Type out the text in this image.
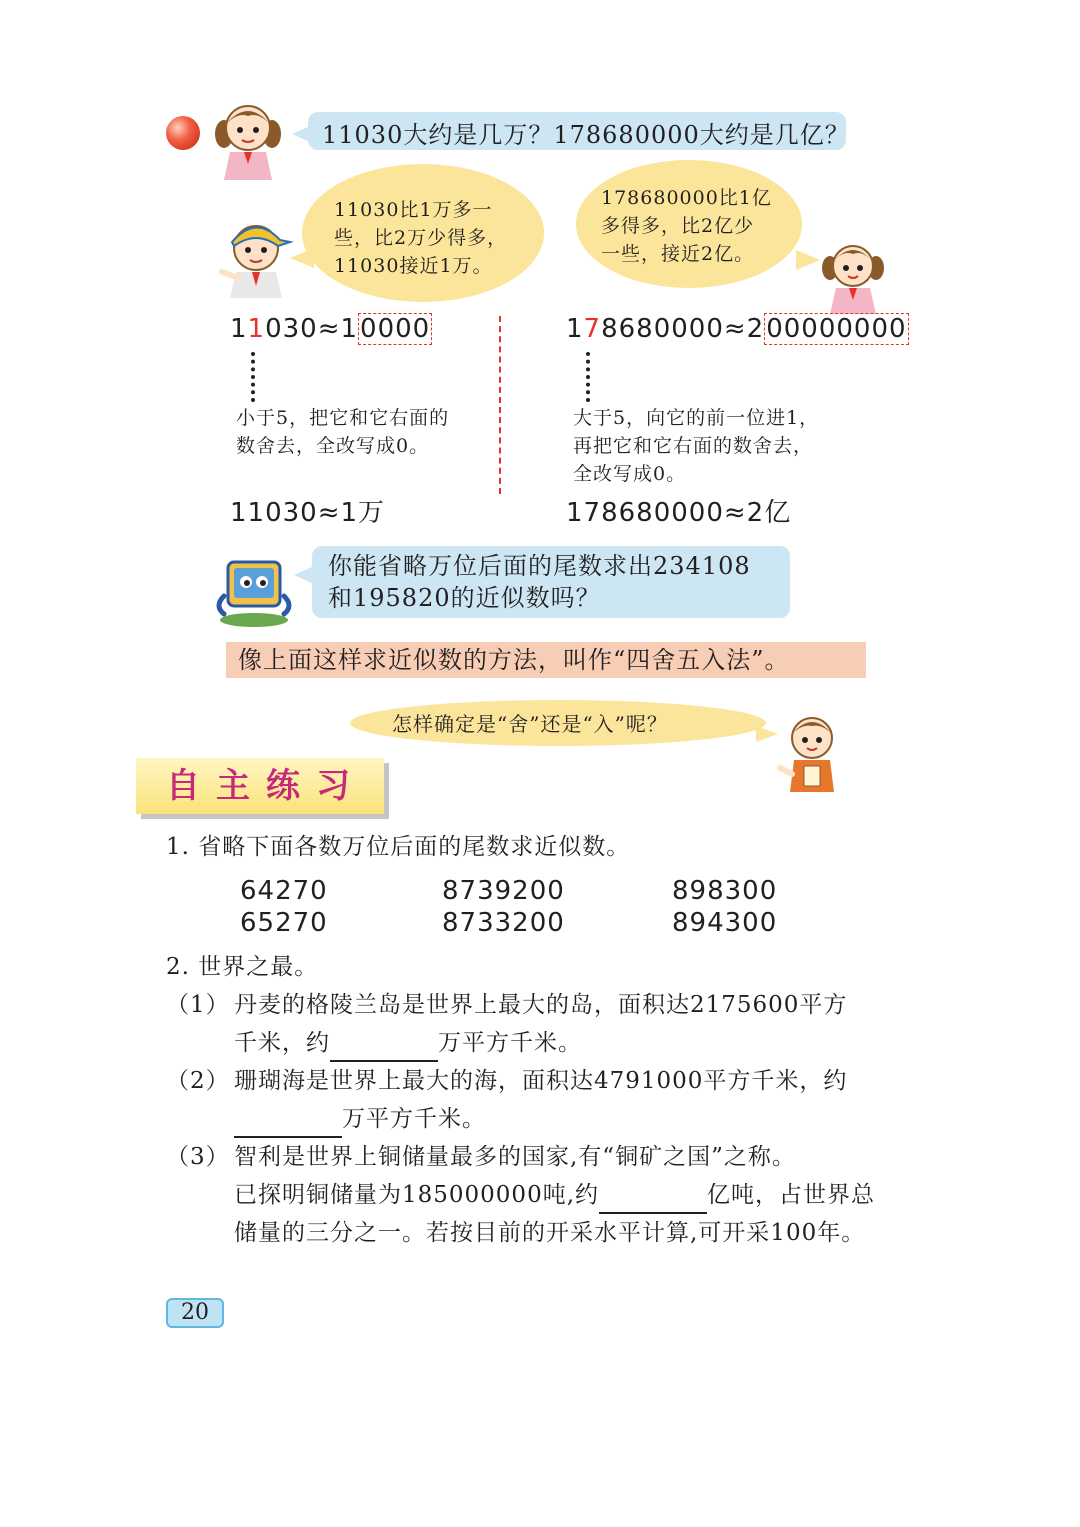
11030大约是几万？178680000大约是几亿？
11030比1万多一
些，比2万少得多，
11030接近1万。
178680000比1亿
多得多，比2亿少
一些，接近2亿。
11030≈10000
小于5，把它和它右面的
数舍去，全改写成0。
11030≈1万
178680000≈200000000
大于5，向它的前一位进1，
再把它和它右面的数舍去，
全改写成0。
178680000≈2亿
你能省略万位后面的尾数求出234108
和195820的近似数吗？
像上面这样求近似数的方法，叫作“四舍五入法”。
怎样确定是“舍”还是“入”呢？
自主练习
1. 省略下面各数万位后面的尾数求近似数。
64270	8739200	898300
65270	8733200	894300
2. 世界之最。
（1） 丹麦的格陵兰岛是世界上最大的岛，面积达2175600平方
千米，约	万平方千米。
（2） 珊瑚海是世界上最大的海，面积达4791000平方千米，约
万平方千米。
（3） 智利是世界上铜储量最多的国家,有“铜矿之国”之称。
已探明铜储量为185000000吨,约	亿吨，占世界总
储量的三分之一。若按目前的开采水平计算,可开采100年。
20
